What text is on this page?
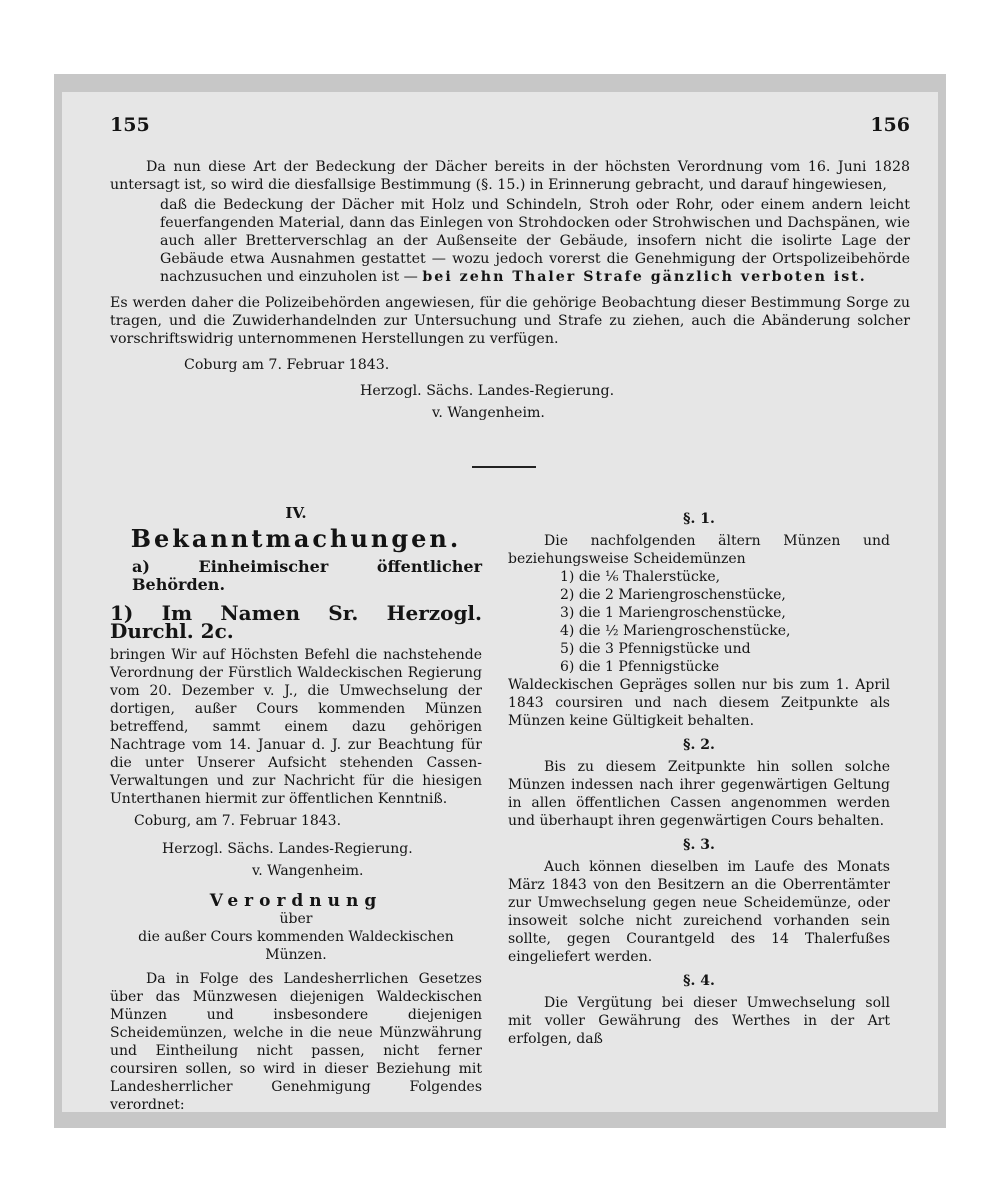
155	156

Da nun diese Art der Bedeckung der Dächer bereits in der höchsten Verordnung vom 16. Juni 1828 untersagt ist, so wird die diesfallsige Bestimmung (§. 15.) in Erinnerung gebracht, und darauf hingewiesen,

daß die Bedeckung der Dächer mit Holz und Schindeln, Stroh oder Rohr, oder einem andern leicht feuerfangenden Material, dann das Einlegen von Strohdocken oder Strohwischen und Dachspänen, wie auch aller Bretterverschlag an der Außenseite der Gebäude, insofern nicht die isolirte Lage der Gebäude etwa Ausnahmen gestattet — wozu jedoch vorerst die Genehmigung der Ortspolizeibehörde nachzusuchen und einzuholen ist — bei zehn Thaler Strafe gänzlich verboten ist.

Es werden daher die Polizeibehörden angewiesen, für die gehörige Beobachtung dieser Bestimmung Sorge zu tragen, und die Zuwiderhandelnden zur Untersuchung und Strafe zu ziehen, auch die Abänderung solcher vorschriftswidrig unternommenen Herstellungen zu verfügen.

Coburg am 7. Februar 1843.

Herzogl. Sächs. Landes-Regierung.

v. Wangenheim.

IV.

Bekanntmachungen.

a) Einheimischer öffentlicher Behörden.

1) Im Namen Sr. Herzogl. Durchl. 2c.

bringen Wir auf Höchsten Befehl die nachstehende Verordnung der Fürstlich Waldeckischen Regierung vom 20. Dezember v. J., die Umwechselung der dortigen, außer Cours kommenden Münzen betreffend, sammt einem dazu gehörigen Nachtrage vom 14. Januar d. J. zur Beachtung für die unter Unserer Aufsicht stehenden Cassen-Verwaltungen und zur Nachricht für die hiesigen Unterthanen hiermit zur öffentlichen Kenntniß.

Coburg, am 7. Februar 1843.

Herzogl. Sächs. Landes-Regierung.

v. Wangenheim.

Verordnung

über

die außer Cours kommenden Waldeckischen Münzen.

Da in Folge des Landesherrlichen Gesetzes über das Münzwesen diejenigen Waldeckischen Münzen und insbesondere diejenigen Scheidemünzen, welche in die neue Münzwährung und Eintheilung nicht passen, nicht ferner coursiren sollen, so wird in dieser Beziehung mit Landesherrlicher Genehmigung Folgendes verordnet:

§. 1.

Die nachfolgenden ältern Münzen und beziehungsweise Scheidemünzen

1) die ⅙ Thalerstücke,

2) die 2 Mariengroschenstücke,

3) die 1 Mariengroschenstücke,

4) die ½ Mariengroschenstücke,

5) die 3 Pfennigstücke und

6) die 1 Pfennigstücke

Waldeckischen Gepräges sollen nur bis zum 1. April 1843 coursiren und nach diesem Zeitpunkte als Münzen keine Gültigkeit behalten.

§. 2.

Bis zu diesem Zeitpunkte hin sollen solche Münzen indessen nach ihrer gegenwärtigen Geltung in allen öffentlichen Cassen angenommen werden und überhaupt ihren gegenwärtigen Cours behalten.

§. 3.

Auch können dieselben im Laufe des Monats März 1843 von den Besitzern an die Oberrentämter zur Umwechselung gegen neue Scheidemünze, oder insoweit solche nicht zureichend vorhanden sein sollte, gegen Courantgeld des 14 Thalerfußes eingeliefert werden.

§. 4.

Die Vergütung bei dieser Umwechselung soll mit voller Gewährung des Werthes in der Art erfolgen, daß
